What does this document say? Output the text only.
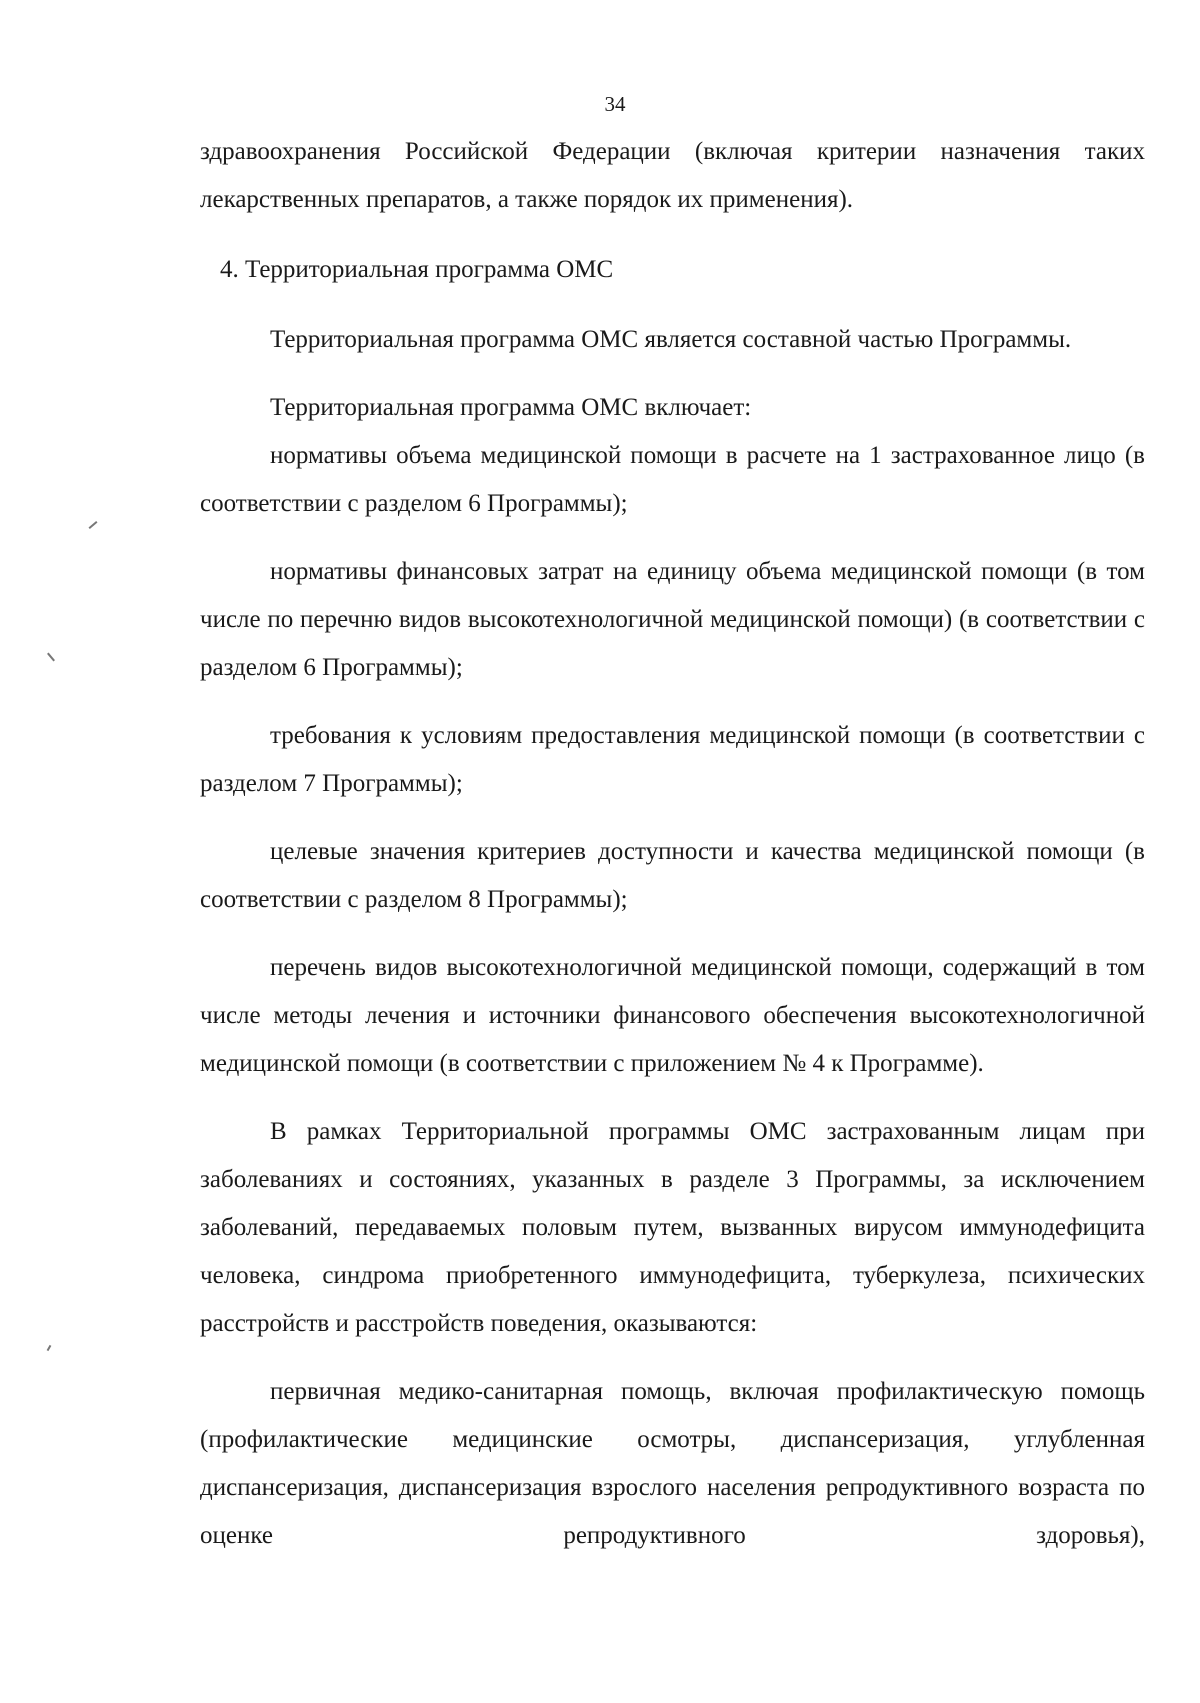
34

здравоохранения Российской Федерации (включая критерии назначения таких лекарственных препаратов, а также порядок их применения).

4. Территориальная программа ОМС

Территориальная программа ОМС является составной частью Программы.

Территориальная программа ОМС включает:

нормативы объема медицинской помощи в расчете на 1 застрахованное лицо (в соответствии с разделом 6 Программы);

нормативы финансовых затрат на единицу объема медицинской помощи (в том числе по перечню видов высокотехнологичной медицинской помощи) (в соответствии с разделом 6 Программы);

требования к условиям предоставления медицинской помощи (в соответствии с разделом 7 Программы);

целевые значения критериев доступности и качества медицинской помощи (в соответствии с разделом 8 Программы);

перечень видов высокотехнологичной медицинской помощи, содержащий в том числе методы лечения и источники финансового обеспечения высокотехнологичной медицинской помощи (в соответствии с приложением № 4 к Программе).

В рамках Территориальной программы ОМС застрахованным лицам при заболеваниях и состояниях, указанных в разделе 3 Программы, за исключением заболеваний, передаваемых половым путем, вызванных вирусом иммунодефицита человека, синдрома приобретенного иммунодефицита, туберкулеза, психических расстройств и расстройств поведения, оказываются:

первичная медико-санитарная помощь, включая профилактическую помощь (профилактические медицинские осмотры, диспансеризация, углубленная диспансеризация, диспансеризация взрослого населения репродуктивного возраста по оценке репродуктивного здоровья),
